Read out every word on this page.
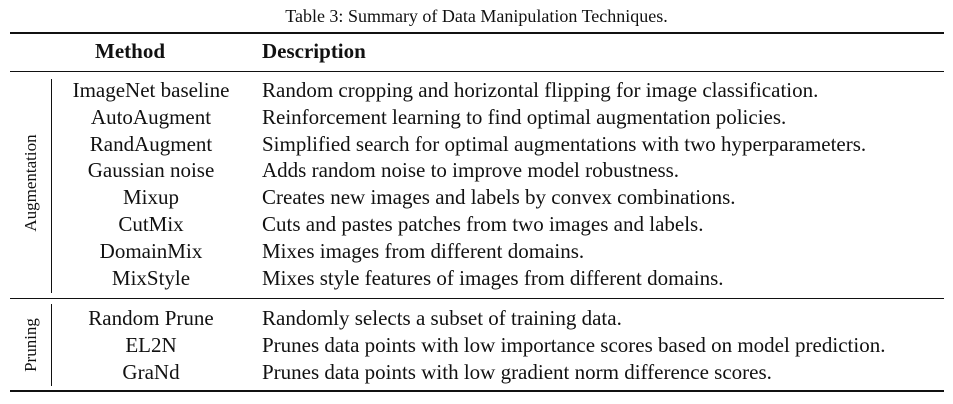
Table 3: Summary of Data Manipulation Techniques.
Method	Description
Augmentation
ImageNet baseline	Random cropping and horizontal flipping for image classification.
AutoAugment	Reinforcement learning to find optimal augmentation policies.
RandAugment	Simplified search for optimal augmentations with two hyperparameters.
Gaussian noise	Adds random noise to improve model robustness.
Mixup	Creates new images and labels by convex combinations.
CutMix	Cuts and pastes patches from two images and labels.
DomainMix	Mixes images from different domains.
MixStyle	Mixes style features of images from different domains.
Pruning
Random Prune	Randomly selects a subset of training data.
EL2N	Prunes data points with low importance scores based on model prediction.
GraNd	Prunes data points with low gradient norm difference scores.
